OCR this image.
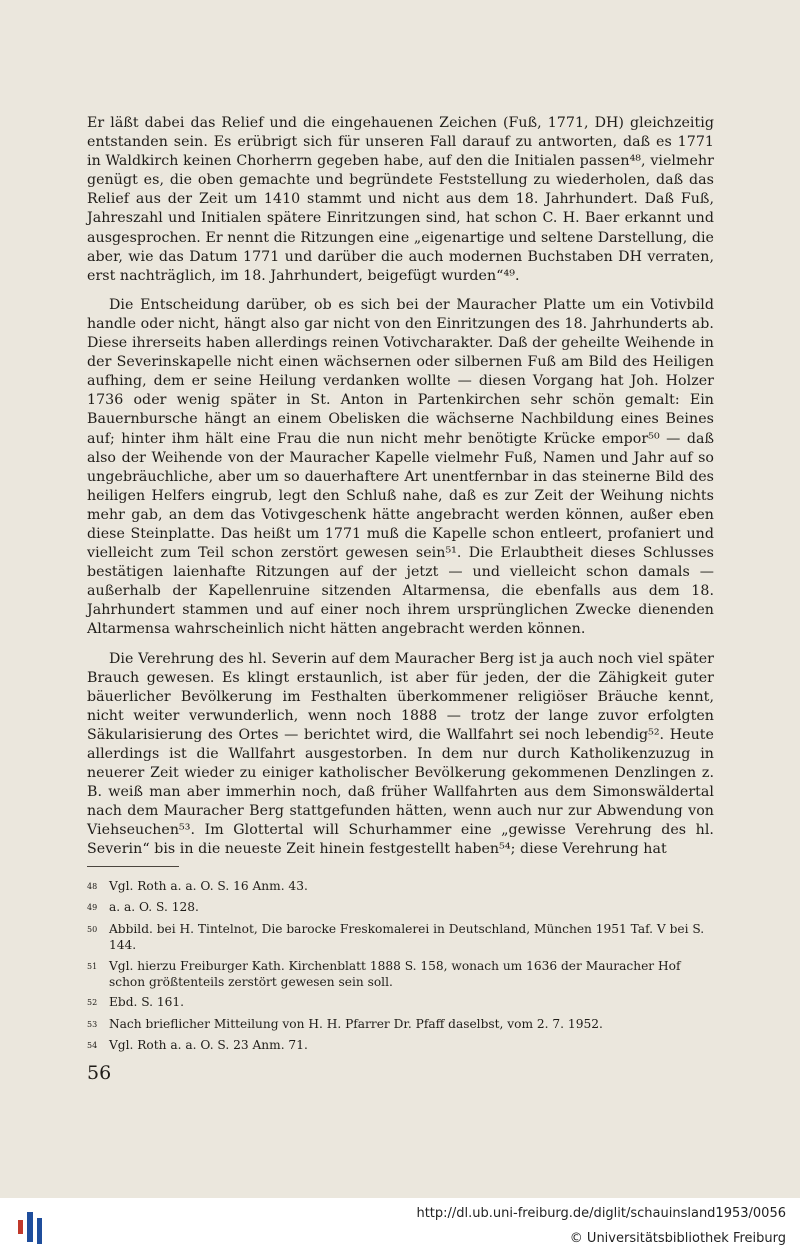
Er läßt dabei das Relief und die eingehauenen Zeichen (Fuß, 1771, DH) gleichzeitig entstanden sein. Es erübrigt sich für unseren Fall darauf zu antworten, daß es 1771 in Waldkirch keinen Chorherrn gegeben habe, auf den die Initialen passen⁴⁸, vielmehr genügt es, die oben gemachte und begründete Feststellung zu wiederholen, daß das Relief aus der Zeit um 1410 stammt und nicht aus dem 18. Jahrhundert. Daß Fuß, Jahreszahl und Initialen spätere Einritzungen sind, hat schon C. H. Baer erkannt und ausgesprochen. Er nennt die Ritzungen eine „eigenartige und seltene Darstellung, die aber, wie das Datum 1771 und darüber die auch modernen Buchstaben DH verraten, erst nachträglich, im 18. Jahrhundert, beigefügt wurden“⁴⁹.

Die Entscheidung darüber, ob es sich bei der Mauracher Platte um ein Votivbild handle oder nicht, hängt also gar nicht von den Einritzungen des 18. Jahrhunderts ab. Diese ihrerseits haben allerdings reinen Votivcharakter. Daß der geheilte Weihende in der Severinskapelle nicht einen wächsernen oder silbernen Fuß am Bild des Heiligen aufhing, dem er seine Heilung verdanken wollte — diesen Vorgang hat Joh. Holzer 1736 oder wenig später in St. Anton in Partenkirchen sehr schön gemalt: Ein Bauernbursche hängt an einem Obelisken die wächserne Nachbildung eines Beines auf; hinter ihm hält eine Frau die nun nicht mehr benötigte Krücke empor⁵⁰ — daß also der Weihende von der Mauracher Kapelle vielmehr Fuß, Namen und Jahr auf so ungebräuchliche, aber um so dauerhaftere Art unentfernbar in das steinerne Bild des heiligen Helfers eingrub, legt den Schluß nahe, daß es zur Zeit der Weihung nichts mehr gab, an dem das Votivgeschenk hätte angebracht werden können, außer eben diese Steinplatte. Das heißt um 1771 muß die Kapelle schon entleert, profaniert und vielleicht zum Teil schon zerstört gewesen sein⁵¹. Die Erlaubtheit dieses Schlusses bestätigen laienhafte Ritzungen auf der jetzt — und vielleicht schon damals — außerhalb der Kapellenruine sitzenden Altarmensa, die ebenfalls aus dem 18. Jahrhundert stammen und auf einer noch ihrem ursprünglichen Zwecke dienenden Altarmensa wahrscheinlich nicht hätten angebracht werden können.

Die Verehrung des hl. Severin auf dem Mauracher Berg ist ja auch noch viel später Brauch gewesen. Es klingt erstaunlich, ist aber für jeden, der die Zähigkeit guter bäuerlicher Bevölkerung im Festhalten überkommener religiöser Bräuche kennt, nicht weiter verwunderlich, wenn noch 1888 — trotz der lange zuvor erfolgten Säkularisierung des Ortes — berichtet wird, die Wallfahrt sei noch lebendig⁵². Heute allerdings ist die Wallfahrt ausgestorben. In dem nur durch Katholikenzuzug in neuerer Zeit wieder zu einiger katholischer Bevölkerung gekommenen Denzlingen z. B. weiß man aber immerhin noch, daß früher Wallfahrten aus dem Simonswäldertal nach dem Mauracher Berg stattgefunden hätten, wenn auch nur zur Abwendung von Viehseuchen⁵³. Im Glottertal will Schurhammer eine „gewisse Verehrung des hl. Severin“ bis in die neueste Zeit hinein festgestellt haben⁵⁴; diese Verehrung hat

48 Vgl. Roth a. a. O. S. 16 Anm. 43.
49 a. a. O. S. 128.
50 Abbild. bei H. Tintelnot, Die barocke Freskomalerei in Deutschland, München 1951 Taf. V bei S. 144.
51 Vgl. hierzu Freiburger Kath. Kirchenblatt 1888 S. 158, wonach um 1636 der Mauracher Hof schon größtenteils zerstört gewesen sein soll.
52 Ebd. S. 161.
53 Nach brieflicher Mitteilung von H. H. Pfarrer Dr. Pfaff daselbst, vom 2. 7. 1952.
54 Vgl. Roth a. a. O. S. 23 Anm. 71.
56
http://dl.ub.uni-freiburg.de/diglit/schauinsland1953/0056
© Universitätsbibliothek Freiburg
